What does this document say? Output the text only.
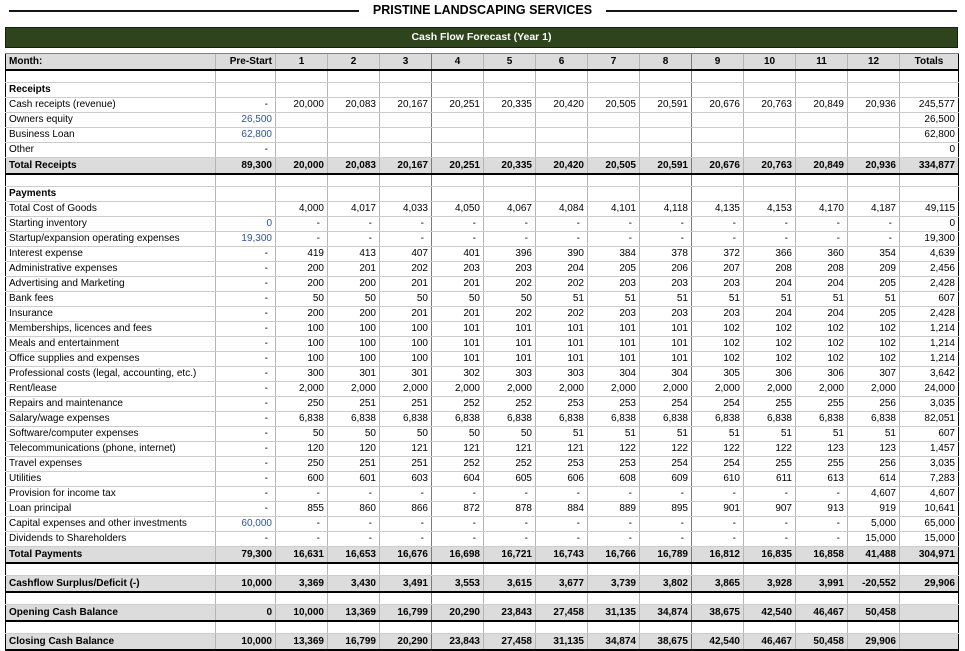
PRISTINE LANDSCAPING SERVICES
Cash Flow Forecast (Year 1)
Month:	Pre-Start	1	2	3	4	5	6	7	8	9	10	11	12	Totals

Receipts														
Cash receipts (revenue)	-	20,000	20,083	20,167	20,251	20,335	20,420	20,505	20,591	20,676	20,763	20,849	20,936	245,577
Owners equity	26,500													26,500
Business Loan	62,800													62,800
Other	-													0
Total Receipts	89,300	20,000	20,083	20,167	20,251	20,335	20,420	20,505	20,591	20,676	20,763	20,849	20,936	334,877

Payments														
Total Cost of Goods		4,000	4,017	4,033	4,050	4,067	4,084	4,101	4,118	4,135	4,153	4,170	4,187	49,115
Starting inventory	0	-	-	-	-	-	-	-	-	-	-	-	-	0
Startup/expansion operating expenses	19,300	-	-	-	-	-	-	-	-	-	-	-	-	19,300
Interest expense	-	419	413	407	401	396	390	384	378	372	366	360	354	4,639
Administrative expenses	-	200	201	202	203	203	204	205	206	207	208	208	209	2,456
Advertising and Marketing	-	200	200	201	201	202	202	203	203	203	204	204	205	2,428
Bank fees	-	50	50	50	50	50	51	51	51	51	51	51	51	607
Insurance	-	200	200	201	201	202	202	203	203	203	204	204	205	2,428
Memberships, licences and fees	-	100	100	100	101	101	101	101	101	102	102	102	102	1,214
Meals and entertainment	-	100	100	100	101	101	101	101	101	102	102	102	102	1,214
Office supplies and expenses	-	100	100	100	101	101	101	101	101	102	102	102	102	1,214
Professional costs (legal, accounting, etc.)	-	300	301	301	302	303	303	304	304	305	306	306	307	3,642
Rent/lease	-	2,000	2,000	2,000	2,000	2,000	2,000	2,000	2,000	2,000	2,000	2,000	2,000	24,000
Repairs and maintenance	-	250	251	251	252	252	253	253	254	254	255	255	256	3,035
Salary/wage expenses	-	6,838	6,838	6,838	6,838	6,838	6,838	6,838	6,838	6,838	6,838	6,838	6,838	82,051
Software/computer expenses	-	50	50	50	50	50	51	51	51	51	51	51	51	607
Telecommunications (phone, internet)	-	120	120	121	121	121	121	122	122	122	122	123	123	1,457
Travel expenses	-	250	251	251	252	252	253	253	254	254	255	255	256	3,035
Utilities	-	600	601	603	604	605	606	608	609	610	611	613	614	7,283
Provision for income tax	-	-	-	-	-	-	-	-	-	-	-	-	4,607	4,607
Loan principal	-	855	860	866	872	878	884	889	895	901	907	913	919	10,641
Capital expenses and other investments	60,000	-	-	-	-	-	-	-	-	-	-	-	5,000	65,000
Dividends to Shareholders	-	-	-	-	-	-	-	-	-	-	-	-	15,000	15,000
Total Payments	79,300	16,631	16,653	16,676	16,698	16,721	16,743	16,766	16,789	16,812	16,835	16,858	41,488	304,971

Cashflow Surplus/Deficit (-)	10,000	3,369	3,430	3,491	3,553	3,615	3,677	3,739	3,802	3,865	3,928	3,991	-20,552	29,906

Opening Cash Balance	0	10,000	13,369	16,799	20,290	23,843	27,458	31,135	34,874	38,675	42,540	46,467	50,458	

Closing Cash Balance	10,000	13,369	16,799	20,290	23,843	27,458	31,135	34,874	38,675	42,540	46,467	50,458	29,906	
